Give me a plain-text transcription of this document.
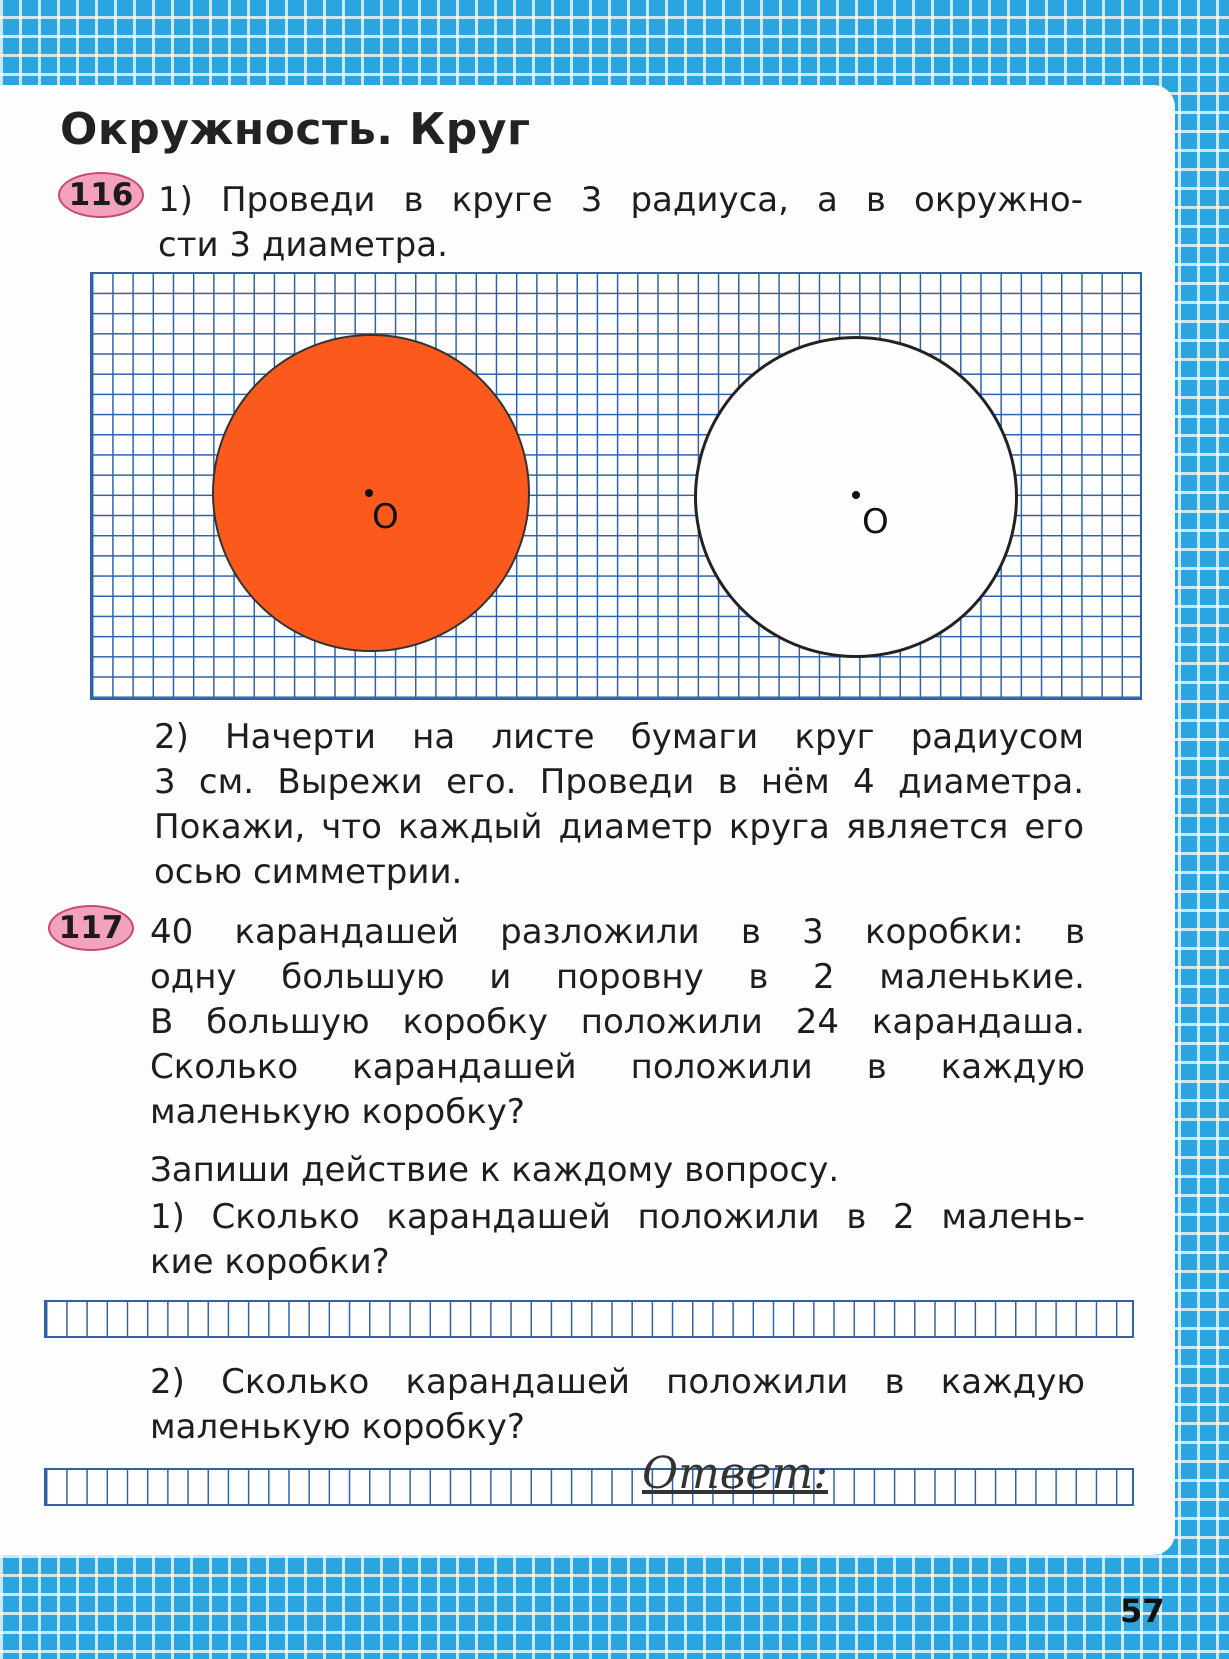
Окружность. Круг
116 1) Проведи в круге 3 радиуса, а в окружно-

сти 3 диаметра.

O	O

2) Начерти на листе бумаги круг радиусом

3 см. Вырежи его. Проведи в нём 4 диаметра.

Покажи, что каждый диаметр круга является его

осью симметрии.

117 40 карандашей разложили в 3 коробки: в

одну большую и поровну в 2 маленькие.

В большую коробку положили 24 карандаша.

Сколько карандашей положили в каждую

маленькую коробку?

Запиши действие к каждому вопросу.

1) Сколько карандашей положили в 2 малень-

кие коробки?

2) Сколько карандашей положили в каждую

маленькую коробку?

Ответ:
57
